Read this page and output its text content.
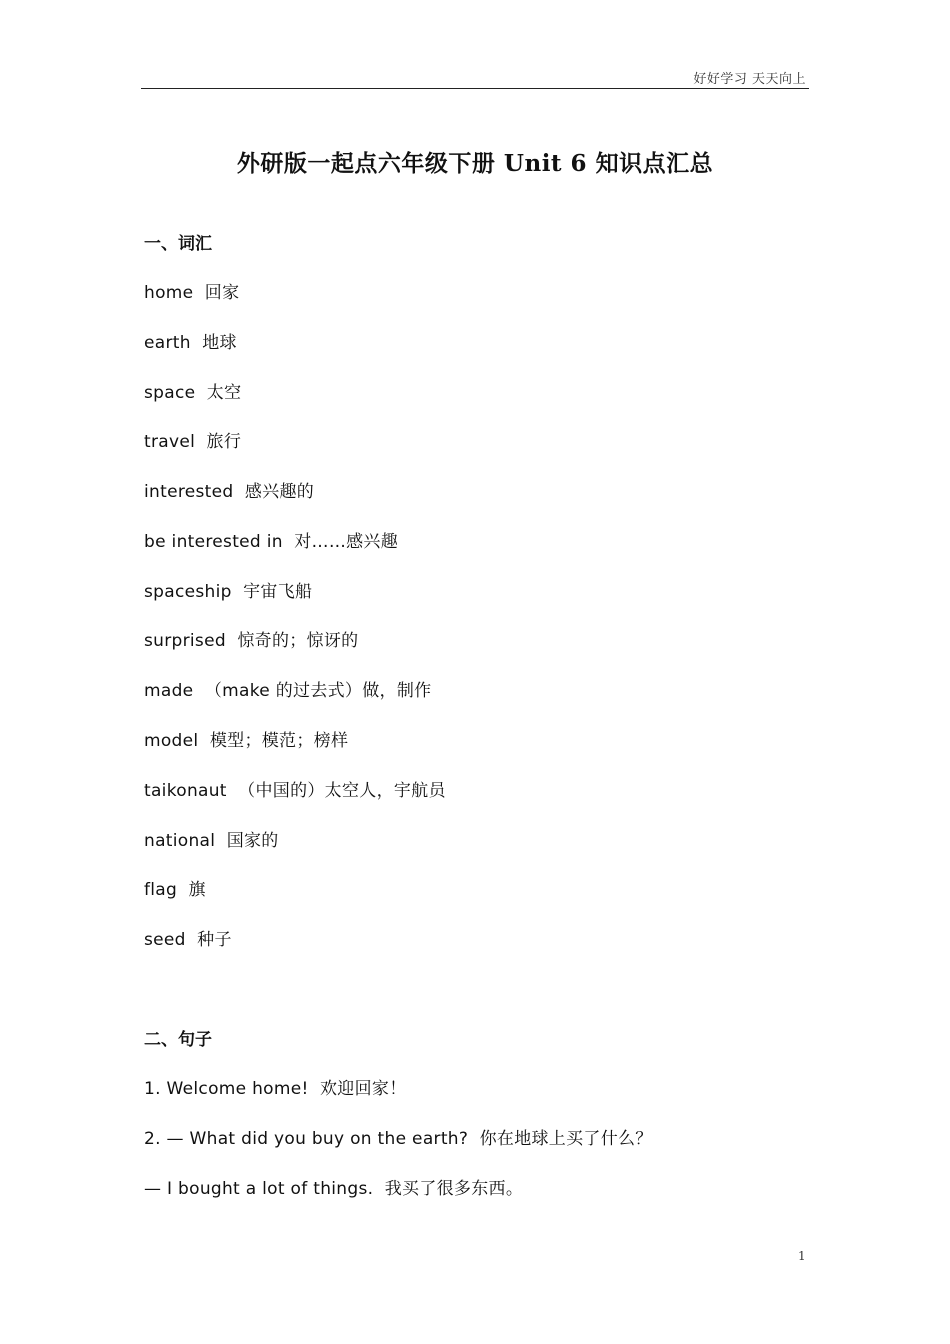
好好学习 天天向上
外研版一起点六年级下册 Unit 6 知识点汇总
一、词汇
home  回家
earth  地球
space  太空
travel  旅行
interested  感兴趣的
be interested in  对……感兴趣
spaceship  宇宙飞船
surprised  惊奇的；惊讶的
made  （make 的过去式）做，制作
model  模型；模范；榜样
taikonaut  （中国的）太空人，宇航员
national  国家的
flag  旗
seed  种子
二、句子
1. Welcome home!  欢迎回家！
2. — What did you buy on the earth?  你在地球上买了什么？
— I bought a lot of things.  我买了很多东西。
1
